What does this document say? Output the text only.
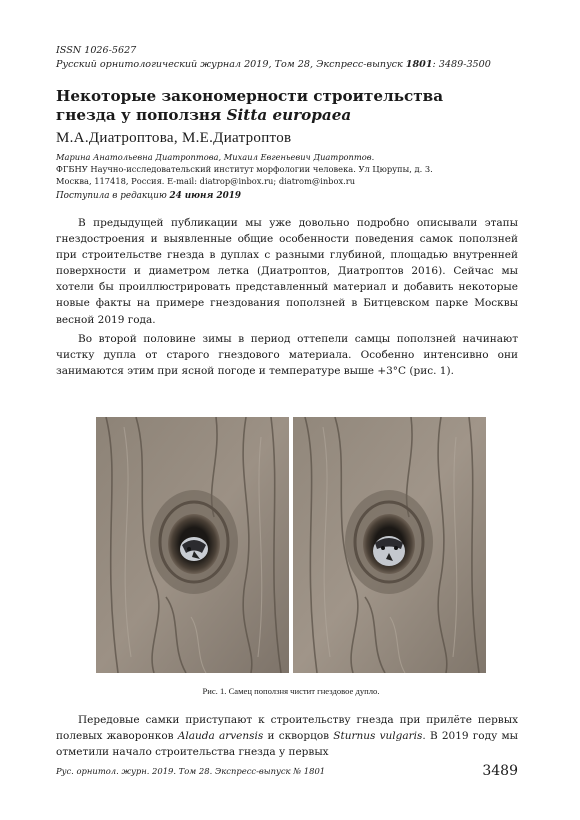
ISSN 1026-5627
Русский орнитологический журнал 2019, Том 28, Экспресс-выпуск 1801: 3489-3500
Некоторые закономерности строительства
гнезда у поползня Sitta europaea
М.А.Диатроптова, М.Е.Диатроптов
Марина Анатольевна Диатроптова, Михаил Евгеньевич Диатроптов.
ФГБНУ Научно-исследовательский институт морфологии человека. Ул Цюрупы, д. 3.
Москва, 117418, Россия. E-mail: diatrop@inbox.ru; diatrom@inbox.ru
Поступила в редакцию 24 июня 2019

В предыдущей публикации мы уже довольно подробно описывали этапы гнездостроения и выявленные общие особенности поведения самок поползней при строительстве гнезда в дуплах с разными глубиной, площадью внутренней поверхности и диаметром летка (Диатроптов, Диатроптов 2016). Сейчас мы хотели бы проиллюстрировать представленный материал и добавить некоторые новые факты на примере гнездования поползней в Битцевском парке Москвы весной 2019 года.

Во второй половине зимы в период оттепели самцы поползней начинают чистку дупла от старого гнездового материала. Особенно интенсивно они занимаются этим при ясной погоде и температуре выше +3°С (рис. 1).

Рис. 1. Самец поползня чистит гнездовое дупло.

Передовые самки приступают к строительству гнезда при прилёте первых полевых жаворонков Alauda arvensis и скворцов Sturnus vulgaris. В 2019 году мы отметили начало строительства гнезда у первых

Рус. орнитол. журн. 2019. Том 28. Экспресс-выпуск № 1801	3489
